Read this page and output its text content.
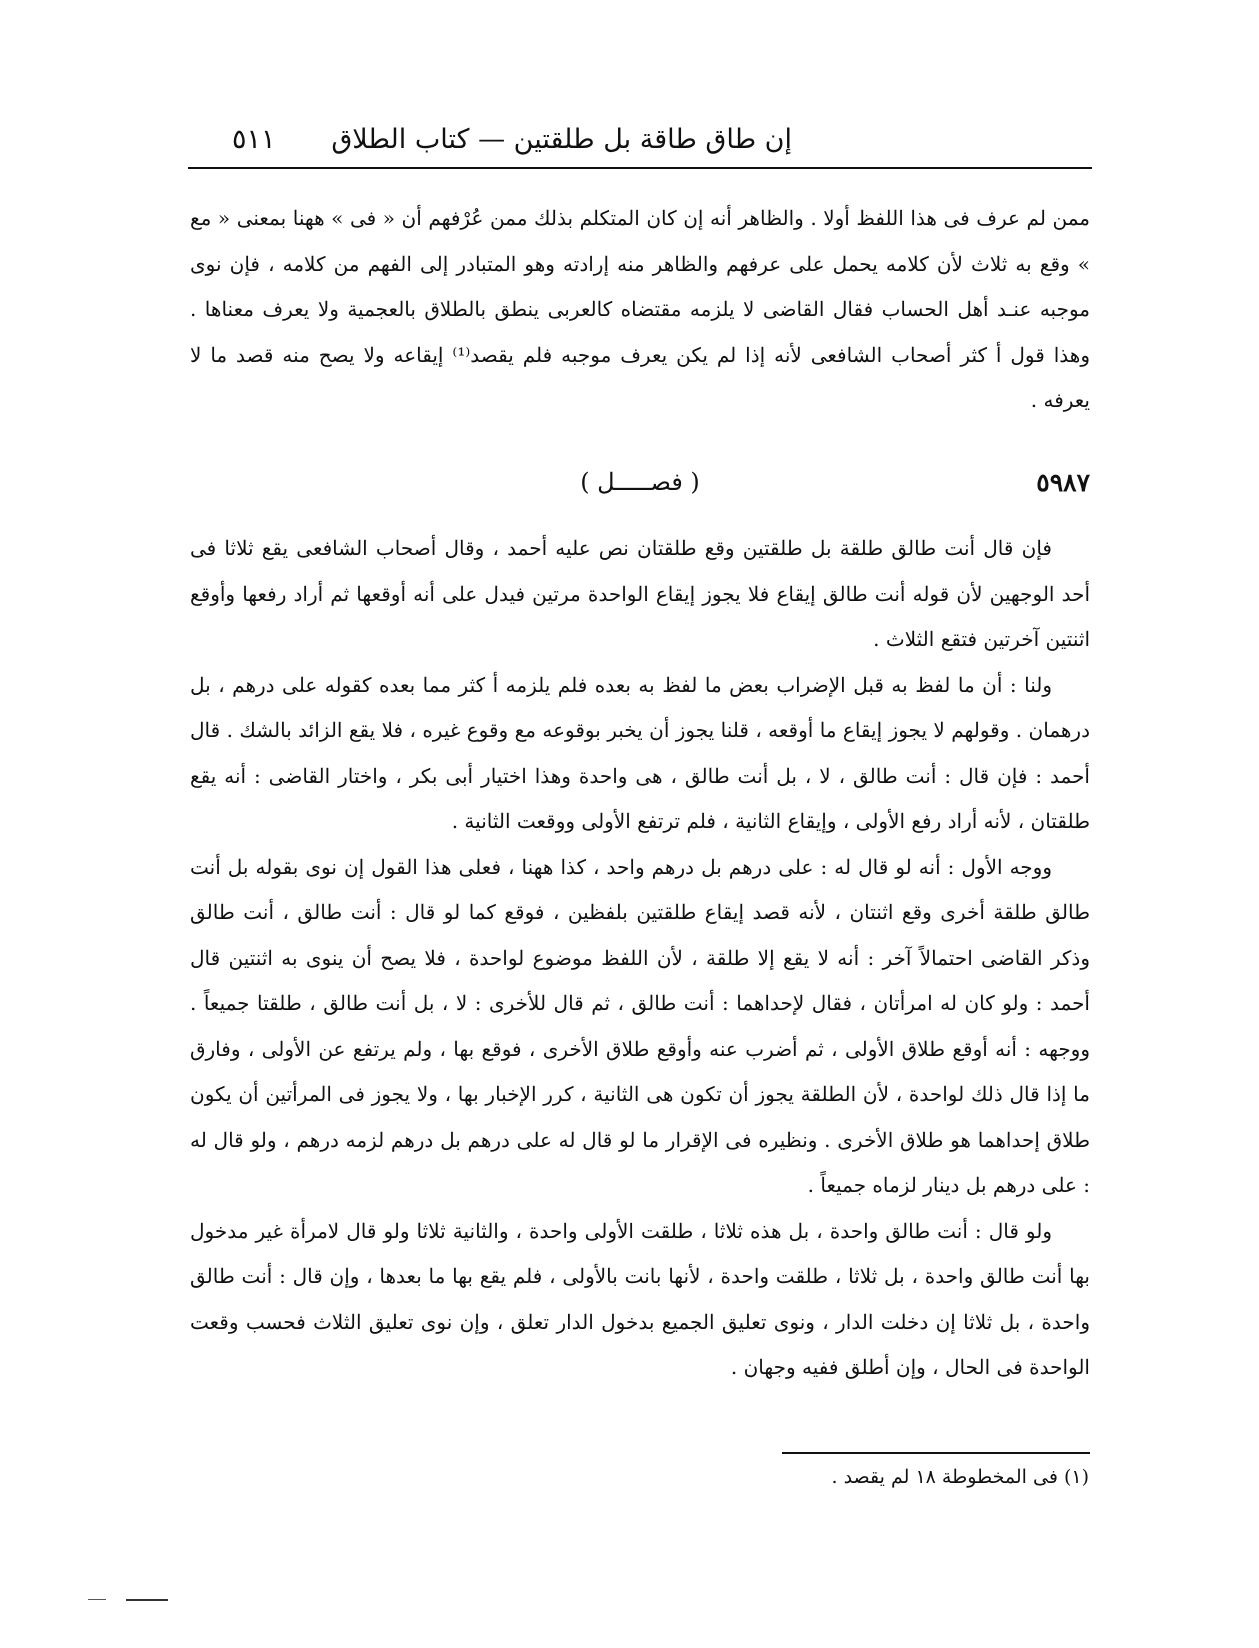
إن طاق طاقة بل طلقتين — كتاب الطلاق
٥١١

ممن لم عرف فى هذا اللفظ أولا . والظاهر أنه إن كان المتكلم بذلك ممن عُرْفهم أن « فى » ههنا بمعنى « مع » وقع به ثلاث لأن كلامه يحمل على عرفهم والظاهر منه إرادته وهو المتبادر إلى الفهم من كلامه ، فإن نوى موجبه عنـد أهل الحساب فقال القاضى لا يلزمه مقتضاه كالعربى ينطق بالطلاق بالعجمية ولا يعرف معناها . وهذا قول أ كثر أصحاب الشافعى لأنه إذا لم يكن يعرف موجبه فلم يقصد⁽¹⁾ إيقاعه ولا يصح منه قصد ما لا يعرفه .

٥٩٨٧
( فصـــــل )

فإن قال أنت طالق طلقة بل طلقتين وقع طلقتان نص عليه أحمد ، وقال أصحاب الشافعى يقع ثلاثا فى أحد الوجهين لأن قوله أنت طالق إيقاع فلا يجوز إيقاع الواحدة مرتين فيدل على أنه أوقعها ثم أراد رفعها وأوقع اثنتين آخرتين فتقع الثلاث .

ولنا : أن ما لفظ به قبل الإضراب بعض ما لفظ به بعده فلم يلزمه أ كثر مما بعده كقوله على درهم ، بل درهمان . وقولهم لا يجوز إيقاع ما أوقعه ، قلنا يجوز أن يخبر بوقوعه مع وقوع غيره ، فلا يقع الزائد بالشك . قال أحمد : فإن قال : أنت طالق ، لا ، بل أنت طالق ، هى واحدة وهذا اختيار أبى بكر ، واختار القاضى : أنه يقع طلقتان ، لأنه أراد رفع الأولى ، وإيقاع الثانية ، فلم ترتفع الأولى ووقعت الثانية .

ووجه الأول : أنه لو قال له : على درهم بل درهم واحد ، كذا ههنا ، فعلى هذا القول إن نوى بقوله بل أنت طالق طلقة أخرى وقع اثنتان ، لأنه قصد إيقاع طلقتين بلفظين ، فوقع كما لو قال : أنت طالق ، أنت طالق وذكر القاضى احتمالاً آخر : أنه لا يقع إلا طلقة ، لأن اللفظ موضوع لواحدة ، فلا يصح أن ينوى به اثنتين قال أحمد : ولو كان له امرأتان ، فقال لإحداهما : أنت طالق ، ثم قال للأخرى : لا ، بل أنت طالق ، طلقتا جميعاً . ووجهه : أنه أوقع طلاق الأولى ، ثم أضرب عنه وأوقع طلاق الأخرى ، فوقع بها ، ولم يرتفع عن الأولى ، وفارق ما إذا قال ذلك لواحدة ، لأن الطلقة يجوز أن تكون هى الثانية ، كرر الإخبار بها ، ولا يجوز فى المرأتين أن يكون طلاق إحداهما هو طلاق الأخرى . ونظيره فى الإقرار ما لو قال له على درهم بل درهم لزمه درهم ، ولو قال له : على درهم بل دينار لزماه جميعاً .

ولو قال : أنت طالق واحدة ، بل هذه ثلاثا ، طلقت الأولى واحدة ، والثانية ثلاثا ولو قال لامرأة غير مدخول بها أنت طالق واحدة ، بل ثلاثا ، طلقت واحدة ، لأنها بانت بالأولى ، فلم يقع بها ما بعدها ، وإن قال : أنت طالق واحدة ، بل ثلاثا إن دخلت الدار ، ونوى تعليق الجميع بدخول الدار تعلق ، وإن نوى تعليق الثلاث فحسب وقعت الواحدة فى الحال ، وإن أطلق ففيه وجهان .

(١) فى المخطوطة ١٨ لم يقصد .
